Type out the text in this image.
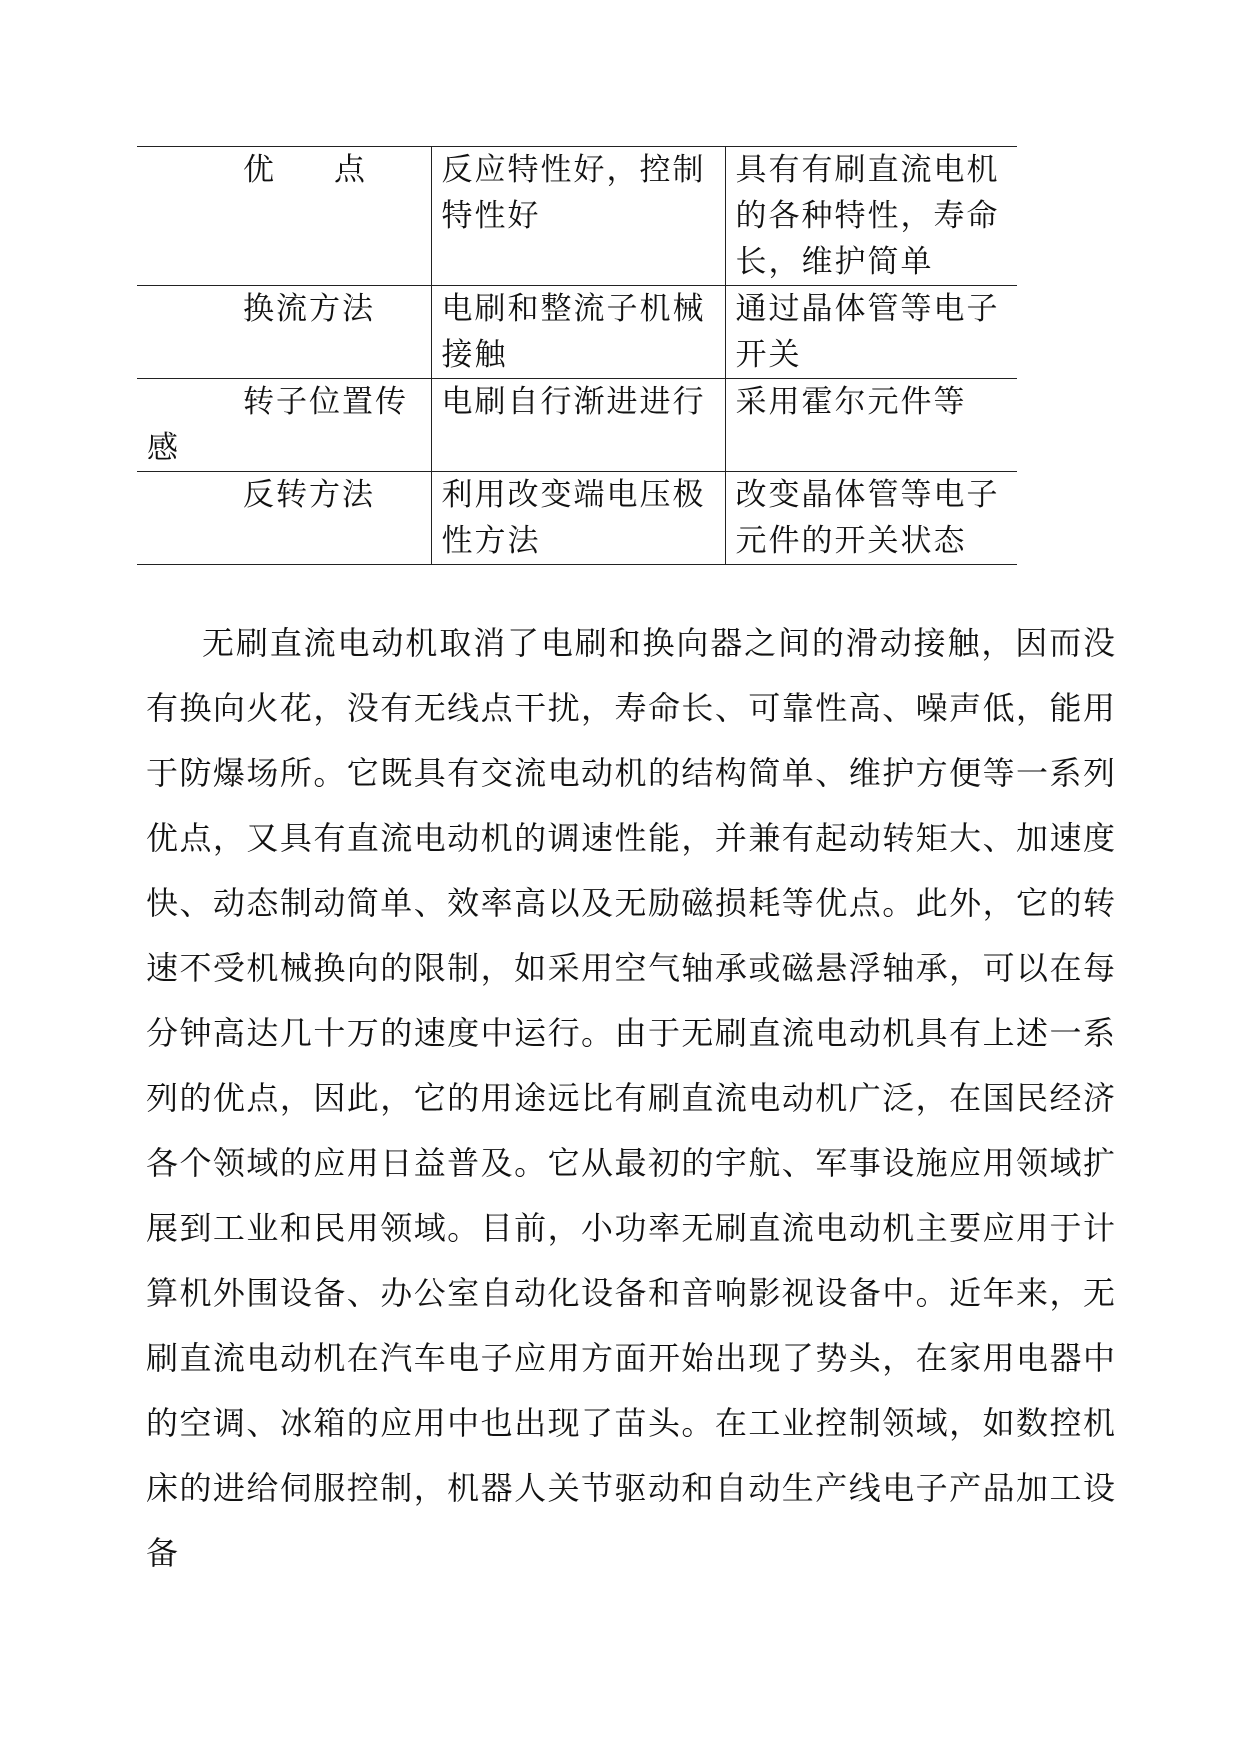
优 点	反应特性好，控制特性好	具有有刷直流电机的各种特性，寿命长，维护简单
换流方法	电刷和整流子机械接触	通过晶体管等电子开关
转子位置传感	电刷自行渐进进行	采用霍尔元件等
反转方法	利用改变端电压极性方法	改变晶体管等电子元件的开关状态

无刷直流电动机取消了电刷和换向器之间的滑动接触，因而没有换向火花，没有无线点干扰，寿命长、可靠性高、噪声低，能用于防爆场所。它既具有交流电动机的结构简单、维护方便等一系列优点，又具有直流电动机的调速性能，并兼有起动转矩大、加速度快、动态制动简单、效率高以及无励磁损耗等优点。此外，它的转速不受机械换向的限制，如采用空气轴承或磁悬浮轴承，可以在每分钟高达几十万的速度中运行。由于无刷直流电动机具有上述一系列的优点，因此，它的用途远比有刷直流电动机广泛，在国民经济各个领域的应用日益普及。它从最初的宇航、军事设施应用领域扩展到工业和民用领域。目前，小功率无刷直流电动机主要应用于计算机外围设备、办公室自动化设备和音响影视设备中。近年来，无刷直流电动机在汽车电子应用方面开始出现了势头，在家用电器中的空调、冰箱的应用中也出现了苗头。在工业控制领域，如数控机床的进给伺服控制，机器人关节驱动和自动生产线电子产品加工设备
